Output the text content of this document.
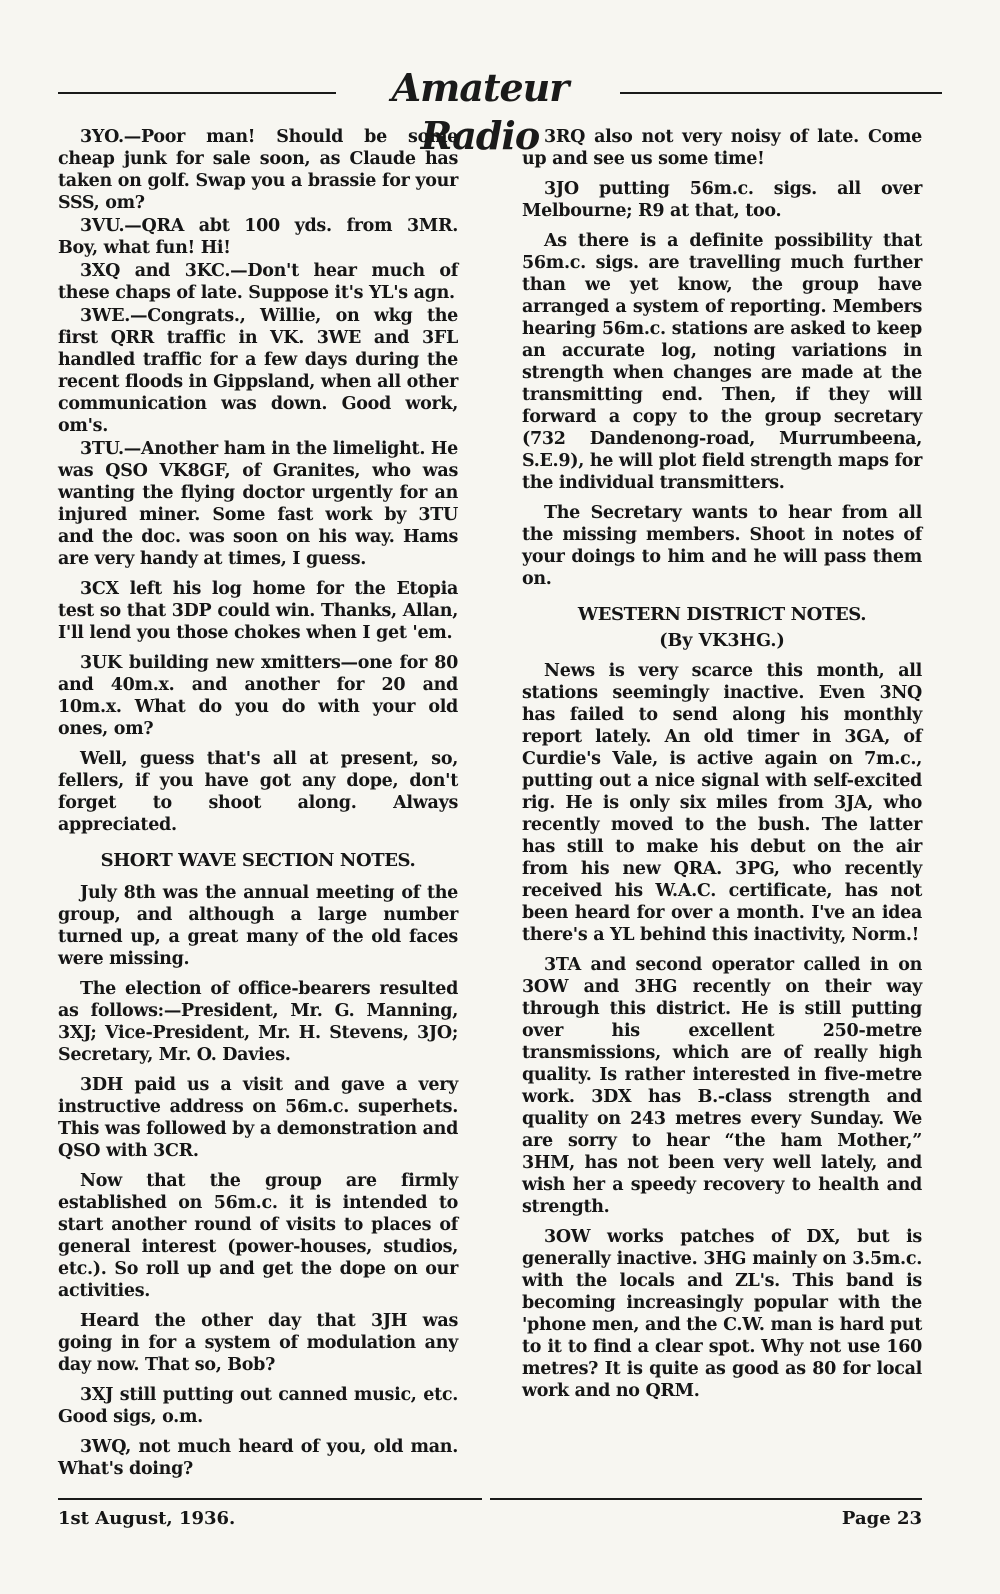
Amateur Radio
3YO.—Poor man! Should be some cheap junk for sale soon, as Claude has taken on golf. Swap you a brassie for your SSS, om?
3VU.—QRA abt 100 yds. from 3MR. Boy, what fun! Hi!
3XQ and 3KC.—Don't hear much of these chaps of late. Suppose it's YL's agn.
3WE.—Congrats., Willie, on wkg the first QRR traffic in VK. 3WE and 3FL handled traffic for a few days during the recent floods in Gippsland, when all other communication was down. Good work, om's.
3TU.—Another ham in the limelight. He was QSO VK8GF, of Granites, who was wanting the flying doctor urgently for an injured miner. Some fast work by 3TU and the doc. was soon on his way. Hams are very handy at times, I guess.
3CX left his log home for the Etopia test so that 3DP could win. Thanks, Allan, I'll lend you those chokes when I get 'em.
3UK building new xmitters—one for 80 and 40m.x. and another for 20 and 10m.x. What do you do with your old ones, om?
Well, guess that's all at present, so, fellers, if you have got any dope, don't forget to shoot along. Always appreciated.
SHORT WAVE SECTION NOTES.
July 8th was the annual meeting of the group, and although a large number turned up, a great many of the old faces were missing.
The election of office-bearers resulted as follows:—President, Mr. G. Manning, 3XJ; Vice-President, Mr. H. Stevens, 3JO; Secretary, Mr. O. Davies.
3DH paid us a visit and gave a very instructive address on 56m.c. superhets. This was followed by a demonstration and QSO with 3CR.
Now that the group are firmly established on 56m.c. it is intended to start another round of visits to places of general interest (power-houses, studios, etc.). So roll up and get the dope on our activities.
Heard the other day that 3JH was going in for a system of modulation any day now. That so, Bob?
3XJ still putting out canned music, etc. Good sigs, o.m.
3WQ, not much heard of you, old man. What's doing?
3RQ also not very noisy of late. Come up and see us some time!
3JO putting 56m.c. sigs. all over Melbourne; R9 at that, too.
As there is a definite possibility that 56m.c. sigs. are travelling much further than we yet know, the group have arranged a system of reporting. Members hearing 56m.c. stations are asked to keep an accurate log, noting variations in strength when changes are made at the transmitting end. Then, if they will forward a copy to the group secretary (732 Dandenong-road, Murrumbeena, S.E.9), he will plot field strength maps for the individual transmitters.
The Secretary wants to hear from all the missing members. Shoot in notes of your doings to him and he will pass them on.
WESTERN DISTRICT NOTES.
(By VK3HG.)
News is very scarce this month, all stations seemingly inactive. Even 3NQ has failed to send along his monthly report lately. An old timer in 3GA, of Curdie's Vale, is active again on 7m.c., putting out a nice signal with self-excited rig. He is only six miles from 3JA, who recently moved to the bush. The latter has still to make his debut on the air from his new QRA. 3PG, who recently received his W.A.C. certificate, has not been heard for over a month. I've an idea there's a YL behind this inactivity, Norm.!
3TA and second operator called in on 3OW and 3HG recently on their way through this district. He is still putting over his excellent 250-metre transmissions, which are of really high quality. Is rather interested in five-metre work. 3DX has B.-class strength and quality on 243 metres every Sunday. We are sorry to hear “the ham Mother,” 3HM, has not been very well lately, and wish her a speedy recovery to health and strength.
3OW works patches of DX, but is generally inactive. 3HG mainly on 3.5m.c. with the locals and ZL's. This band is becoming increasingly popular with the 'phone men, and the C.W. man is hard put to it to find a clear spot. Why not use 160 metres? It is quite as good as 80 for local work and no QRM.
1st August, 1936.	Page 23
